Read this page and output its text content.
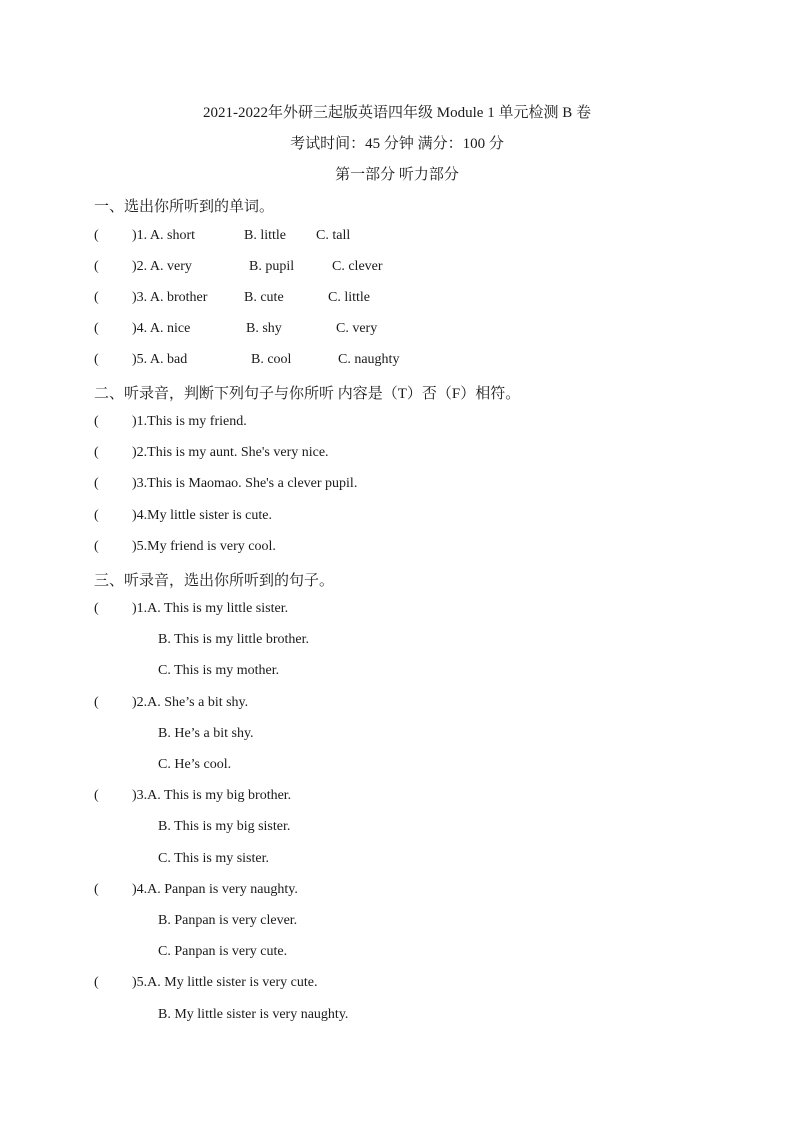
2021-2022年外研三起版英语四年级 Module 1 单元检测 B 卷
考试时间：45 分钟 满分：100 分
第一部分 听力部分
一、选出你所听到的单词。
( )1. A. short	B. little C. tall
( )2. A. very	B. pupil	C. clever
( )3. A. brother	B. cute	C. little
( )4. A. nice	B. shy	C. very
( )5. A. bad	B. cool	C. naughty
二、听录音，判断下列句子与你所听 内容是（T）否（F）相符。
( )1.This is my friend.
( )2.This is my aunt. She's very nice.
( )3.This is Maomao. She's a clever pupil.
( )4.My little sister is cute.
( )5.My friend is very cool.
三、听录音，选出你所听到的句子。
( )1.A. This is my little sister.
B. This is my little brother.
C. This is my mother.
( )2.A. She’s a bit shy.
B. He’s a bit shy.
C. He’s cool.
( )3.A. This is my big brother.
B. This is my big sister.
C. This is my sister.
( )4.A. Panpan is very naughty.
B. Panpan is very clever.
C. Panpan is very cute.
( )5.A. My little sister is very cute.
B. My little sister is very naughty.
